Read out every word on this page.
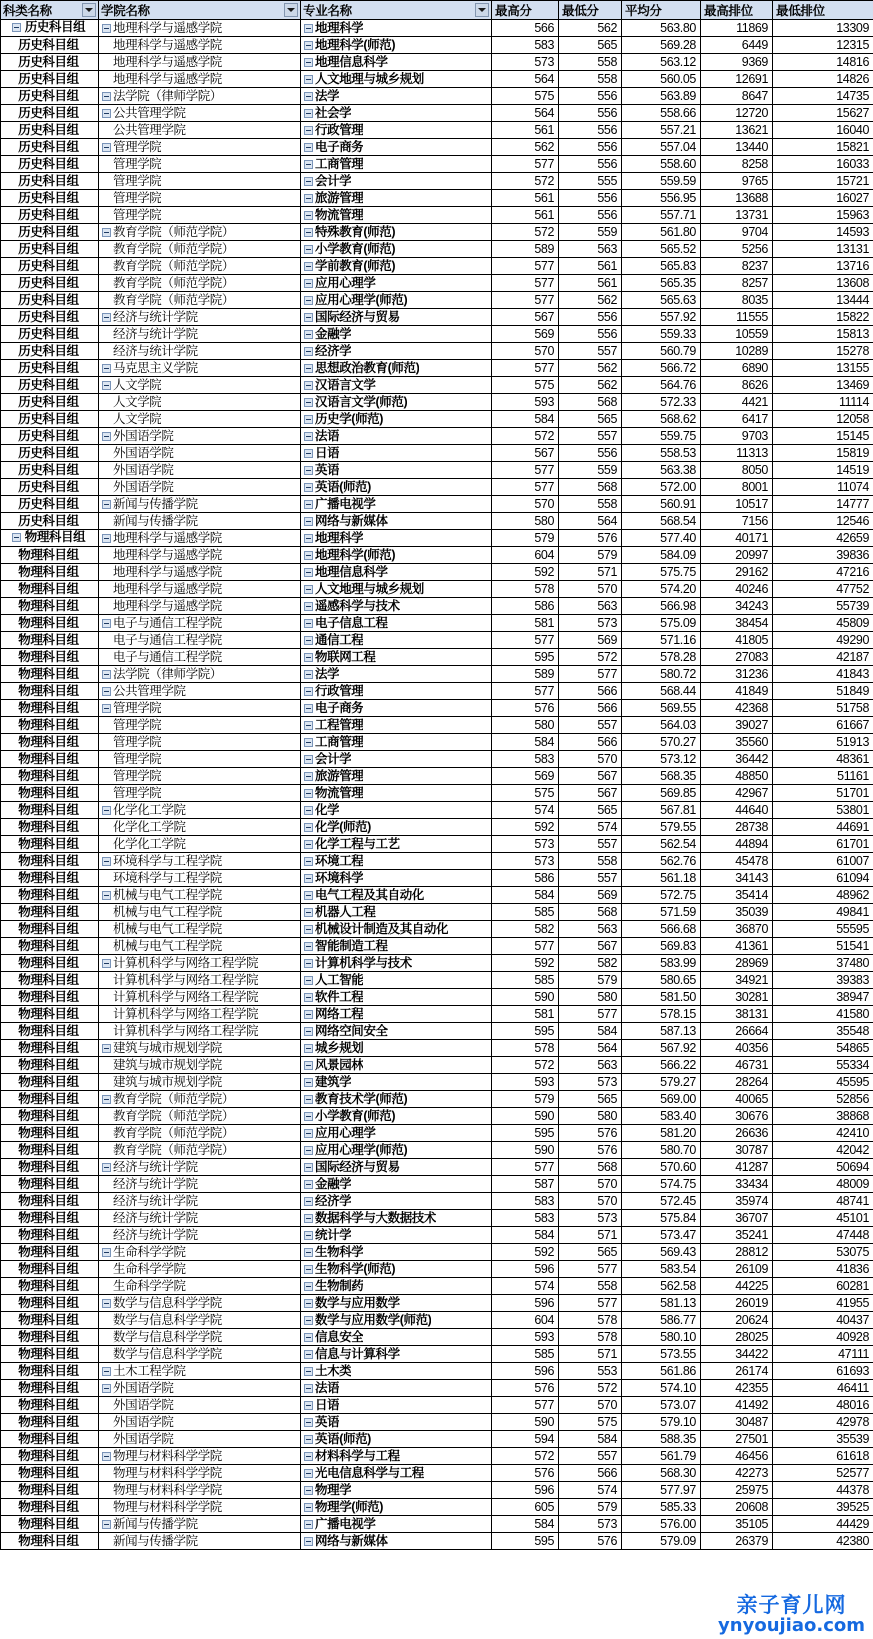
科类名称	学院名称	专业名称	最高分	最低分	平均分	最高排位	最低排位

历史科目组	地理科学与遥感学院	地理科学	566	562	563.80	11869	13309

历史科目组	地理科学与遥感学院	地理科学(师范)	583	565	569.28	6449	12315

历史科目组	地理科学与遥感学院	地理信息科学	573	558	563.12	9369	14816

历史科目组	地理科学与遥感学院	人文地理与城乡规划	564	558	560.05	12691	14826

历史科目组	法学院（律师学院）	法学	575	556	563.89	8647	14735

历史科目组	公共管理学院	社会学	564	556	558.66	12720	15627

历史科目组	公共管理学院	行政管理	561	556	557.21	13621	16040

历史科目组	管理学院	电子商务	562	556	557.04	13440	15821

历史科目组	管理学院	工商管理	577	556	558.60	8258	16033

历史科目组	管理学院	会计学	572	555	559.59	9765	15721

历史科目组	管理学院	旅游管理	561	556	556.95	13688	16027

历史科目组	管理学院	物流管理	561	556	557.71	13731	15963

历史科目组	教育学院（师范学院）	特殊教育(师范)	572	559	561.80	9704	14593

历史科目组	教育学院（师范学院）	小学教育(师范)	589	563	565.52	5256	13131

历史科目组	教育学院（师范学院）	学前教育(师范)	577	561	565.83	8237	13716

历史科目组	教育学院（师范学院）	应用心理学	577	561	565.35	8257	13608

历史科目组	教育学院（师范学院）	应用心理学(师范)	577	562	565.63	8035	13444

历史科目组	经济与统计学院	国际经济与贸易	567	556	557.92	11555	15822

历史科目组	经济与统计学院	金融学	569	556	559.33	10559	15813

历史科目组	经济与统计学院	经济学	570	557	560.79	10289	15278

历史科目组	马克思主义学院	思想政治教育(师范)	577	562	566.72	6890	13155

历史科目组	人文学院	汉语言文学	575	562	564.76	8626	13469

历史科目组	人文学院	汉语言文学(师范)	593	568	572.33	4421	11114

历史科目组	人文学院	历史学(师范)	584	565	568.62	6417	12058

历史科目组	外国语学院	法语	572	557	559.75	9703	15145

历史科目组	外国语学院	日语	567	556	558.53	11313	15819

历史科目组	外国语学院	英语	577	559	563.38	8050	14519

历史科目组	外国语学院	英语(师范)	577	568	572.00	8001	11074

历史科目组	新闻与传播学院	广播电视学	570	558	560.91	10517	14777

历史科目组	新闻与传播学院	网络与新媒体	580	564	568.54	7156	12546

物理科目组	地理科学与遥感学院	地理科学	579	576	577.40	40171	42659

物理科目组	地理科学与遥感学院	地理科学(师范)	604	579	584.09	20997	39836

物理科目组	地理科学与遥感学院	地理信息科学	592	571	575.75	29162	47216

物理科目组	地理科学与遥感学院	人文地理与城乡规划	578	570	574.20	40246	47752

物理科目组	地理科学与遥感学院	遥感科学与技术	586	563	566.98	34243	55739

物理科目组	电子与通信工程学院	电子信息工程	581	573	575.09	38454	45809

物理科目组	电子与通信工程学院	通信工程	577	569	571.16	41805	49290

物理科目组	电子与通信工程学院	物联网工程	595	572	578.28	27083	42187

物理科目组	法学院（律师学院）	法学	589	577	580.72	31236	41843

物理科目组	公共管理学院	行政管理	577	566	568.44	41849	51849

物理科目组	管理学院	电子商务	576	566	569.55	42368	51758

物理科目组	管理学院	工程管理	580	557	564.03	39027	61667

物理科目组	管理学院	工商管理	584	566	570.27	35560	51913

物理科目组	管理学院	会计学	583	570	573.12	36442	48361

物理科目组	管理学院	旅游管理	569	567	568.35	48850	51161

物理科目组	管理学院	物流管理	575	567	569.85	42967	51701

物理科目组	化学化工学院	化学	574	565	567.81	44640	53801

物理科目组	化学化工学院	化学(师范)	592	574	579.55	28738	44691

物理科目组	化学化工学院	化学工程与工艺	573	557	562.54	44894	61701

物理科目组	环境科学与工程学院	环境工程	573	558	562.76	45478	61007

物理科目组	环境科学与工程学院	环境科学	586	557	561.18	34143	61094

物理科目组	机械与电气工程学院	电气工程及其自动化	584	569	572.75	35414	48962

物理科目组	机械与电气工程学院	机器人工程	585	568	571.59	35039	49841

物理科目组	机械与电气工程学院	机械设计制造及其自动化	582	563	566.68	36870	55595

物理科目组	机械与电气工程学院	智能制造工程	577	567	569.83	41361	51541

物理科目组	计算机科学与网络工程学院	计算机科学与技术	592	582	583.99	28969	37480

物理科目组	计算机科学与网络工程学院	人工智能	585	579	580.65	34921	39383

物理科目组	计算机科学与网络工程学院	软件工程	590	580	581.50	30281	38947

物理科目组	计算机科学与网络工程学院	网络工程	581	577	578.15	38131	41580

物理科目组	计算机科学与网络工程学院	网络空间安全	595	584	587.13	26664	35548

物理科目组	建筑与城市规划学院	城乡规划	578	564	567.92	40356	54865

物理科目组	建筑与城市规划学院	风景园林	572	563	566.22	46731	55334

物理科目组	建筑与城市规划学院	建筑学	593	573	579.27	28264	45595

物理科目组	教育学院（师范学院）	教育技术学(师范)	579	565	569.00	40065	52856

物理科目组	教育学院（师范学院）	小学教育(师范)	590	580	583.40	30676	38868

物理科目组	教育学院（师范学院）	应用心理学	595	576	581.20	26636	42410

物理科目组	教育学院（师范学院）	应用心理学(师范)	590	576	580.70	30787	42042

物理科目组	经济与统计学院	国际经济与贸易	577	568	570.60	41287	50694

物理科目组	经济与统计学院	金融学	587	570	574.75	33434	48009

物理科目组	经济与统计学院	经济学	583	570	572.45	35974	48741

物理科目组	经济与统计学院	数据科学与大数据技术	583	573	575.84	36707	45101

物理科目组	经济与统计学院	统计学	584	571	573.47	35241	47448

物理科目组	生命科学学院	生物科学	592	565	569.43	28812	53075

物理科目组	生命科学学院	生物科学(师范)	596	577	583.54	26109	41836

物理科目组	生命科学学院	生物制药	574	558	562.58	44225	60281

物理科目组	数学与信息科学学院	数学与应用数学	596	577	581.13	26019	41955

物理科目组	数学与信息科学学院	数学与应用数学(师范)	604	578	586.77	20624	40437

物理科目组	数学与信息科学学院	信息安全	593	578	580.10	28025	40928

物理科目组	数学与信息科学学院	信息与计算科学	585	571	573.55	34422	47111

物理科目组	土木工程学院	土木类	596	553	561.86	26174	61693

物理科目组	外国语学院	法语	576	572	574.10	42355	46411

物理科目组	外国语学院	日语	577	570	573.07	41492	48016

物理科目组	外国语学院	英语	590	575	579.10	30487	42978

物理科目组	外国语学院	英语(师范)	594	584	588.35	27501	35539

物理科目组	物理与材料科学学院	材料科学与工程	572	557	561.79	46456	61618

物理科目组	物理与材料科学学院	光电信息科学与工程	576	566	568.30	42273	52577

物理科目组	物理与材料科学学院	物理学	596	574	577.97	25975	44378

物理科目组	物理与材料科学学院	物理学(师范)	605	579	585.33	20608	39525

物理科目组	新闻与传播学院	广播电视学	584	573	576.00	35105	44429

物理科目组	新闻与传播学院	网络与新媒体	595	576	579.09	26379	42380
亲子育儿网
ynyoujiao.com
